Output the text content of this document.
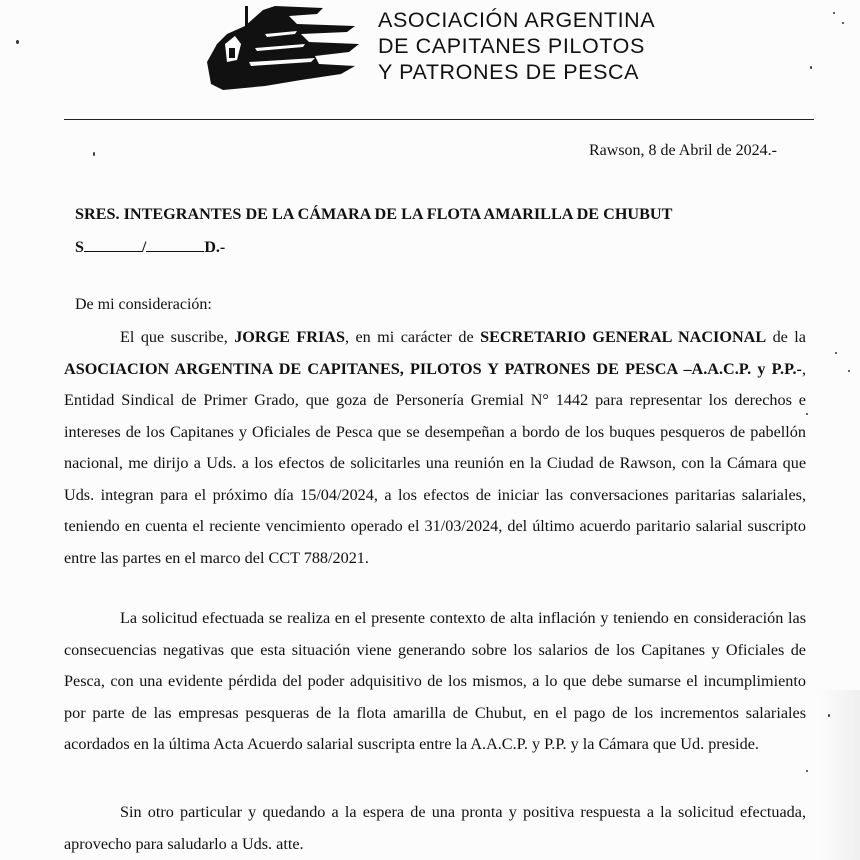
ASOCIACIÓN ARGENTINA
DE CAPITANES PILOTOS
Y PATRONES DE PESCA
Rawson, 8 de Abril de 2024.-
SRES. INTEGRANTES DE LA CÁMARA DE LA FLOTA AMARILLA DE CHUBUT
S	/	D.-
De mi consideración:
El que suscribe, JORGE FRIAS, en mi carácter de SECRETARIO GENERAL NACIONAL de la ASOCIACION ARGENTINA DE CAPITANES, PILOTOS Y PATRONES DE PESCA –A.A.C.P. y P.P.-, Entidad Sindical de Primer Grado, que goza de Personería Gremial N° 1442 para representar los derechos e intereses de los Capitanes y Oficiales de Pesca que se desempeñan a bordo de los buques pesqueros de pabellón nacional, me dirijo a Uds. a los efectos de solicitarles una reunión en la Ciudad de Rawson, con la Cámara que Uds. integran para el próximo día 15/04/2024, a los efectos de iniciar las conversaciones paritarias salariales, teniendo en cuenta el reciente vencimiento operado el 31/03/2024, del último acuerdo paritario salarial suscripto entre las partes en el marco del CCT 788/2021.
La solicitud efectuada se realiza en el presente contexto de alta inflación y teniendo en consideración las consecuencias negativas que esta situación viene generando sobre los salarios de los Capitanes y Oficiales de Pesca, con una evidente pérdida del poder adquisitivo de los mismos, a lo que debe sumarse el incumplimiento por parte de las empresas pesqueras de la flota amarilla de Chubut, en el pago de los incrementos salariales acordados en la última Acta Acuerdo salarial suscripta entre la A.A.C.P. y P.P. y la Cámara que Ud. preside.
Sin otro particular y quedando a la espera de una pronta y positiva respuesta a la solicitud efectuada, aprovecho para saludarlo a Uds. atte.
